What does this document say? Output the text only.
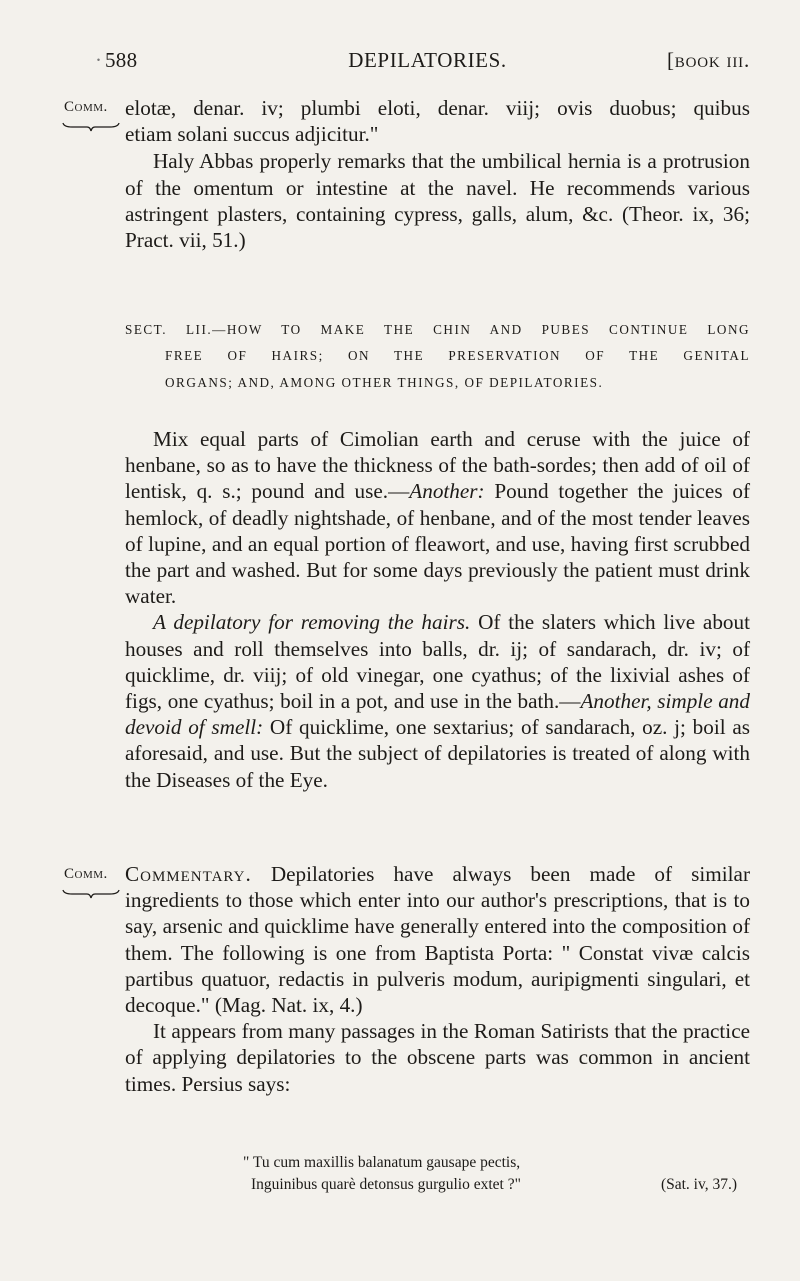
· 588	DEPILATORIES.	[book iii.
Comm. elotæ, denar. iv; plumbi eloti, denar. viij; ovis duobus; quibus

etiam solani succus adjicitur."

Haly Abbas properly remarks that the umbilical hernia is a protrusion of the omentum or intestine at the navel. He recommends various astringent plasters, containing cypress, galls, alum, &c. (Theor. ix, 36; Pract. vii, 51.)

SECT. LII.—HOW TO MAKE THE CHIN AND PUBES CONTINUE LONG
FREE OF HAIRS; ON THE PRESERVATION OF THE GENITAL
ORGANS; AND, AMONG OTHER THINGS, OF DEPILATORIES.

Mix equal parts of Cimolian earth and ceruse with the juice of henbane, so as to have the thickness of the bath-sordes; then add of oil of lentisk, q. s.; pound and use.—Another: Pound together the juices of hemlock, of deadly nightshade, of henbane, and of the most tender leaves of lupine, and an equal portion of fleawort, and use, having first scrubbed the part and washed. But for some days previously the patient must drink water.

A depilatory for removing the hairs. Of the slaters which live about houses and roll themselves into balls, dr. ij; of sandarach, dr. iv; of quicklime, dr. viij; of old vinegar, one cyathus; of the lixivial ashes of figs, one cyathus; boil in a pot, and use in the bath.—Another, simple and devoid of smell: Of quicklime, one sextarius; of sandarach, oz. j; boil as aforesaid, and use. But the subject of depilatories is treated of along with the Diseases of the Eye.

Comm. Commentary. Depilatories have always been made of similar ingredients to those which enter into our author's prescriptions, that is to say, arsenic and quicklime have generally entered into the composition of them. The following is one from Baptista Porta: " Constat vivæ calcis partibus quatuor, redactis in pulveris modum, auripigmenti singulari, et decoque." (Mag. Nat. ix, 4.)

It appears from many passages in the Roman Satirists that the practice of applying depilatories to the obscene parts was common in ancient times. Persius says:

" Tu cum maxillis balanatum gausape pectis,
Inguinibus quarè detonsus gurgulio extet ?"	(Sat. iv, 37.)
